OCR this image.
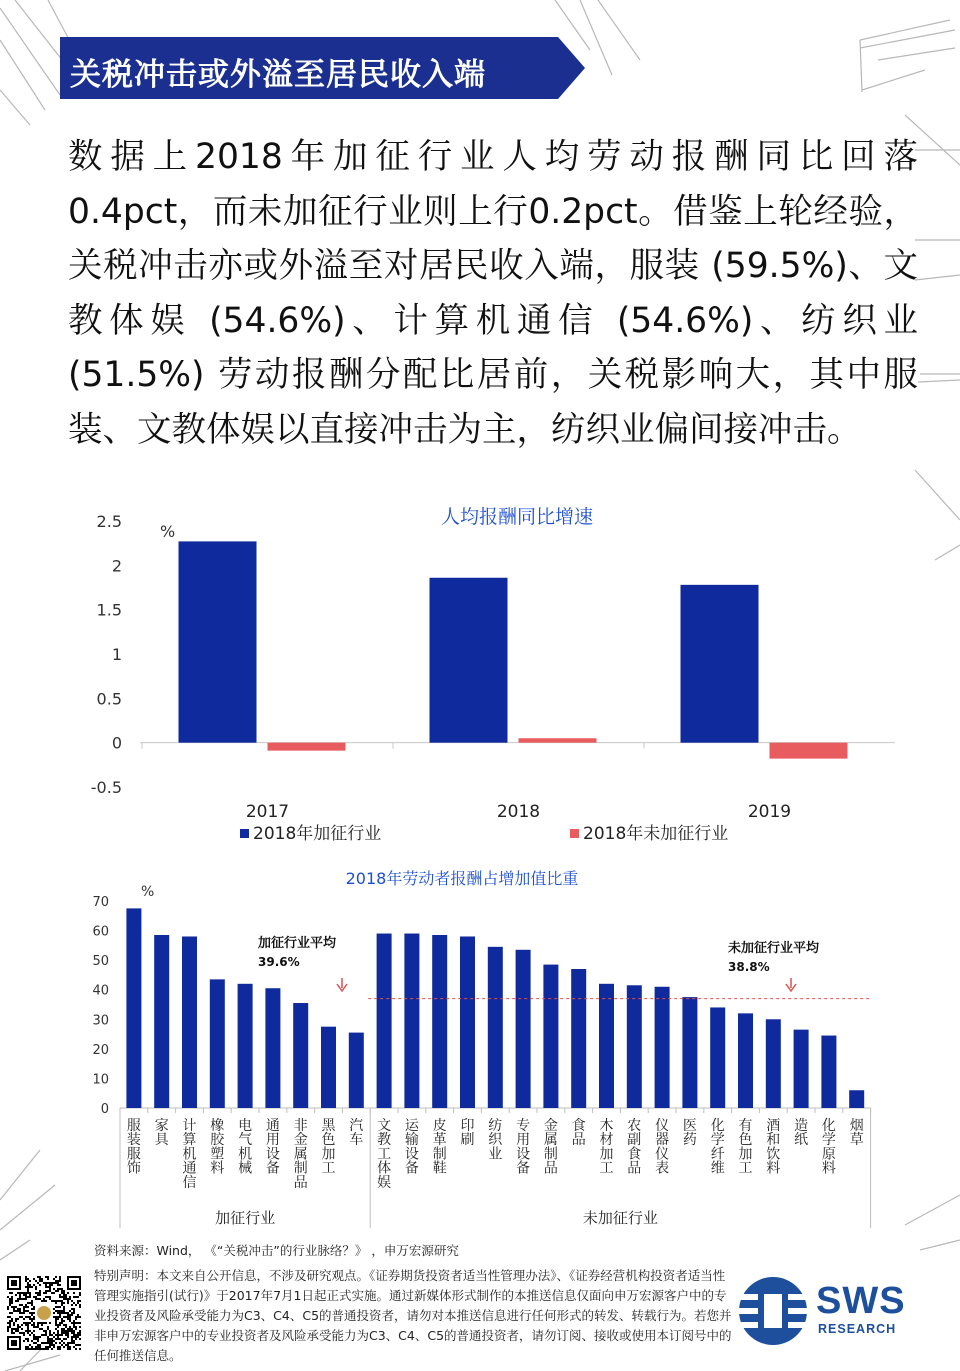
关税冲击或外溢至居民收入端
数据上2018年加征行业人均劳动报酬同比回落0.4pct，而未加征行业则上行0.2pct。借鉴上轮经验，关税冲击亦或外溢至对居民收入端，服装 (59.5%)、文教体娱 (54.6%)、计算机通信 (54.6%)、纺织业 (51.5%) 劳动报酬分配比居前，关税影响大，其中服装、文教体娱以直接冲击为主，纺织业偏间接冲击。
人均报酬同比增速
%
2.5
2
1.5
1
0.5
0
-0.5
2017	2018	2019
2018年加征行业	2018年未加征行业
2018年劳动者报酬占增加值比重
%
70
60
50
40
30
20
10
0
服装服饰
家具
计算机通信
橡胶塑料
电气机械
通用设备
非金属制品
黑色加工
汽车
文教工体娱
运输设备
皮革制鞋
印刷
纺织业
专用设备
金属制品
食品
木材加工
农副食品
仪器仪表
医药
化学纤维
有色加工
酒和饮料
造纸
化学原料
烟草
加征行业	未加征行业
加征行业平均
39.6%
未加征行业平均
38.8%
资料来源：Wind， 《“关税冲击”的行业脉络？》 ，申万宏源研究
特别声明：本文来自公开信息，不涉及研究观点。《证券期货投资者适当性管理办法》、《证券经营机构投资者适当性管理实施指引(试行)》于2017年7月1日起正式实施。通过新媒体形式制作的本推送信息仅面向申万宏源客户中的专业投资者及风险承受能力为C3、C4、C5的普通投资者，请勿对本推送信息进行任何形式的转发、转载行为。若您并非申万宏源客户中的专业投资者及风险承受能力为C3、C4、C5的普通投资者，请勿订阅、接收或使用本订阅号中的任何推送信息。
SWS
RESEARCH
